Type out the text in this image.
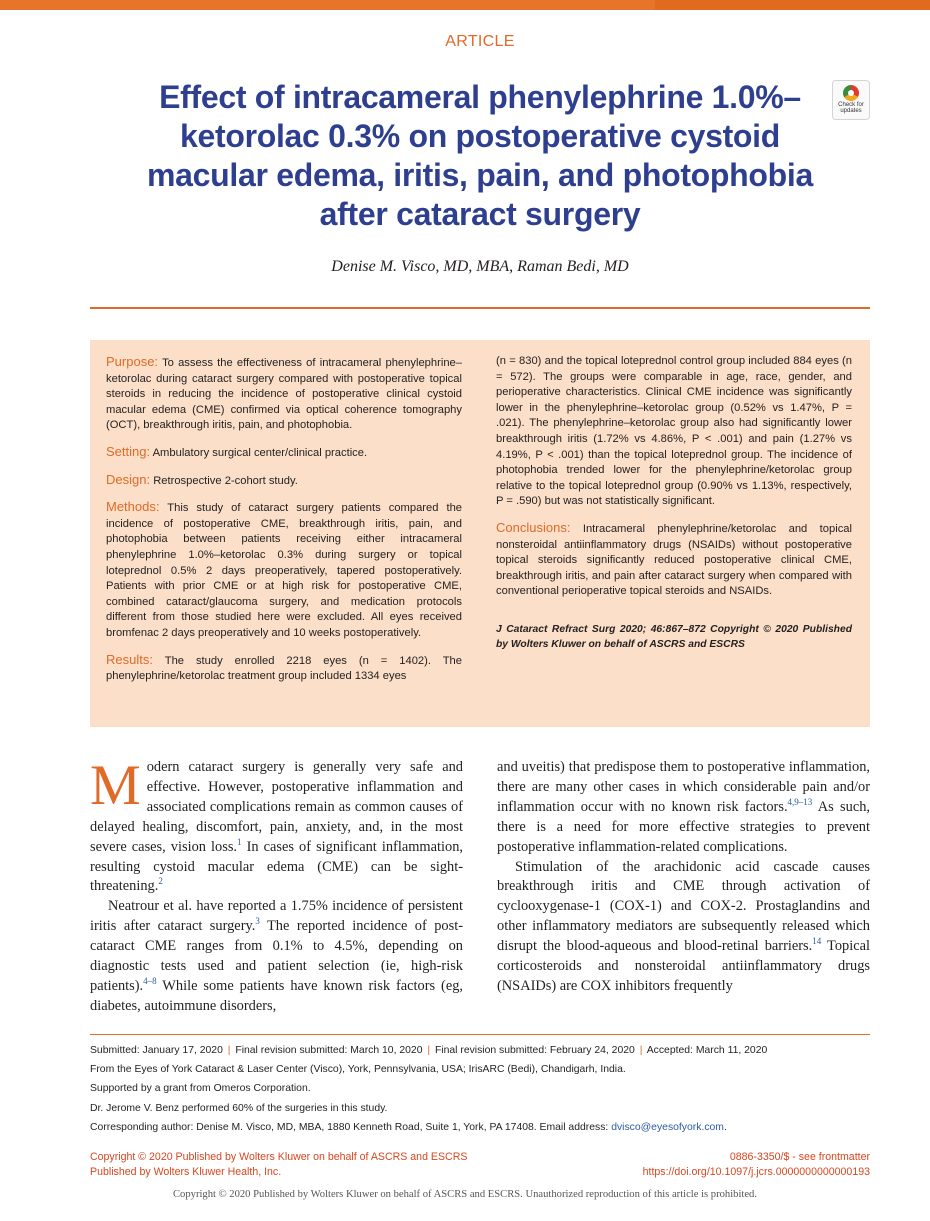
ARTICLE
Effect of intracameral phenylephrine 1.0%–ketorolac 0.3% on postoperative cystoid macular edema, iritis, pain, and photophobia after cataract surgery
Check for
updates
Denise M. Visco, MD, MBA, Raman Bedi, MD

Purpose: To assess the effectiveness of intracameral phenylephrine–ketorolac during cataract surgery compared with postoperative topical steroids in reducing the incidence of postoperative clinical cystoid macular edema (CME) confirmed via optical coherence tomography (OCT), breakthrough iritis, pain, and photophobia.

Setting: Ambulatory surgical center/clinical practice.

Design: Retrospective 2-cohort study.

Methods: This study of cataract surgery patients compared the incidence of postoperative CME, breakthrough iritis, pain, and photophobia between patients receiving either intracameral phenylephrine 1.0%–ketorolac 0.3% during surgery or topical loteprednol 0.5% 2 days preoperatively, tapered postoperatively. Patients with prior CME or at high risk for postoperative CME, combined cataract/glaucoma surgery, and medication protocols different from those studied here were excluded. All eyes received bromfenac 2 days preoperatively and 10 weeks postoperatively.

Results: The study enrolled 2218 eyes (n = 1402). The phenylephrine/ketorolac treatment group included 1334 eyes

(n = 830) and the topical loteprednol control group included 884 eyes (n = 572). The groups were comparable in age, race, gender, and perioperative characteristics. Clinical CME incidence was significantly lower in the phenylephrine–ketorolac group (0.52% vs 1.47%, P = .021). The phenylephrine–ketorolac group also had significantly lower breakthrough iritis (1.72% vs 4.86%, P < .001) and pain (1.27% vs 4.19%, P < .001) than the topical loteprednol group. The incidence of photophobia trended lower for the phenylephrine/ketorolac group relative to the topical loteprednol group (0.90% vs 1.13%, respectively, P = .590) but was not statistically significant.

Conclusions: Intracameral phenylephrine/ketorolac and topical nonsteroidal antiinflammatory drugs (NSAIDs) without postoperative topical steroids significantly reduced postoperative clinical CME, breakthrough iritis, and pain after cataract surgery when compared with conventional perioperative topical steroids and NSAIDs.

J Cataract Refract Surg 2020; 46:867–872 Copyright © 2020 Published by Wolters Kluwer on behalf of ASCRS and ESCRS

Modern cataract surgery is generally very safe and effective. However, postoperative inflammation and associated complications remain as common causes of delayed healing, discomfort, pain, anxiety, and, in the most severe cases, vision loss.$^1$ In cases of significant inflammation, resulting cystoid macular edema (CME) can be sight-threatening.$^2$

Neatrour et al. have reported a 1.75% incidence of persistent iritis after cataract surgery.$^3$ The reported incidence of post-cataract CME ranges from 0.1% to 4.5%, depending on diagnostic tests used and patient selection (ie, high-risk patients).$^{4-8}$ While some patients have known risk factors (eg, diabetes, autoimmune disorders,

and uveitis) that predispose them to postoperative inflammation, there are many other cases in which considerable pain and/or inflammation occur with no known risk factors.$^{4,9-13}$ As such, there is a need for more effective strategies to prevent postoperative inflammation-related complications.

Stimulation of the arachidonic acid cascade causes breakthrough iritis and CME through activation of cyclooxygenase-1 (COX-1) and COX-2. Prostaglandins and other inflammatory mediators are subsequently released which disrupt the blood-aqueous and blood-retinal barriers.$^{14}$ Topical corticosteroids and nonsteroidal antiinflammatory drugs (NSAIDs) are COX inhibitors frequently

Submitted: January 17, 2020 | Final revision submitted: March 10, 2020 | Final revision submitted: February 24, 2020 | Accepted: March 11, 2020
From the Eyes of York Cataract & Laser Center (Visco), York, Pennsylvania, USA; IrisARC (Bedi), Chandigarh, India.
Supported by a grant from Omeros Corporation.
Dr. Jerome V. Benz performed 60% of the surgeries in this study.
Corresponding author: Denise M. Visco, MD, MBA, 1880 Kenneth Road, Suite 1, York, PA 17408. Email address: dvisco@eyesofyork.com.
Copyright © 2020 Published by Wolters Kluwer on behalf of ASCRS and ESCRS
Published by Wolters Kluwer Health, Inc.
0886-3350/$ - see frontmatter
https://doi.org/10.1097/j.jcrs.0000000000000193
Copyright © 2020 Published by Wolters Kluwer on behalf of ASCRS and ESCRS. Unauthorized reproduction of this article is prohibited.
